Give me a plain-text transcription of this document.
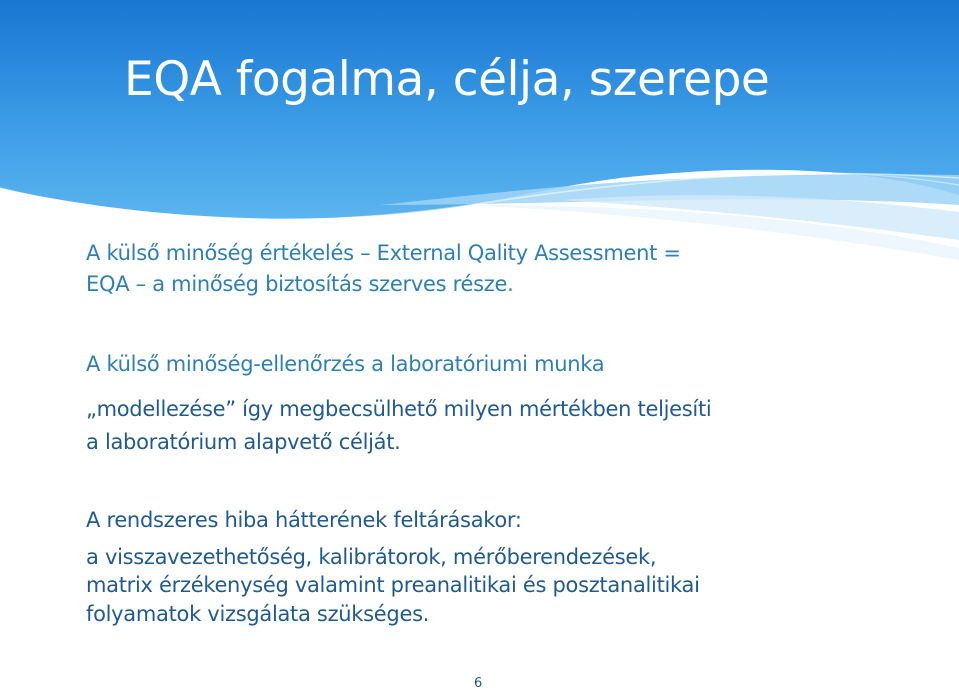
EQA fogalma, célja, szerepe

A külső minőség értékelés – External Qality Assessment =

EQA – a minőség biztosítás szerves része.

A külső minőség-ellenőrzés a laboratóriumi munka

„modellezése” így megbecsülhető milyen mértékben teljesíti

a laboratórium alapvető célját.

A rendszeres hiba hátterének feltárásakor:

a visszavezethetőség, kalibrátorok, mérőberendezések,

matrix érzékenység valamint preanalitikai és posztanalitikai

folyamatok vizsgálata szükséges.

6
